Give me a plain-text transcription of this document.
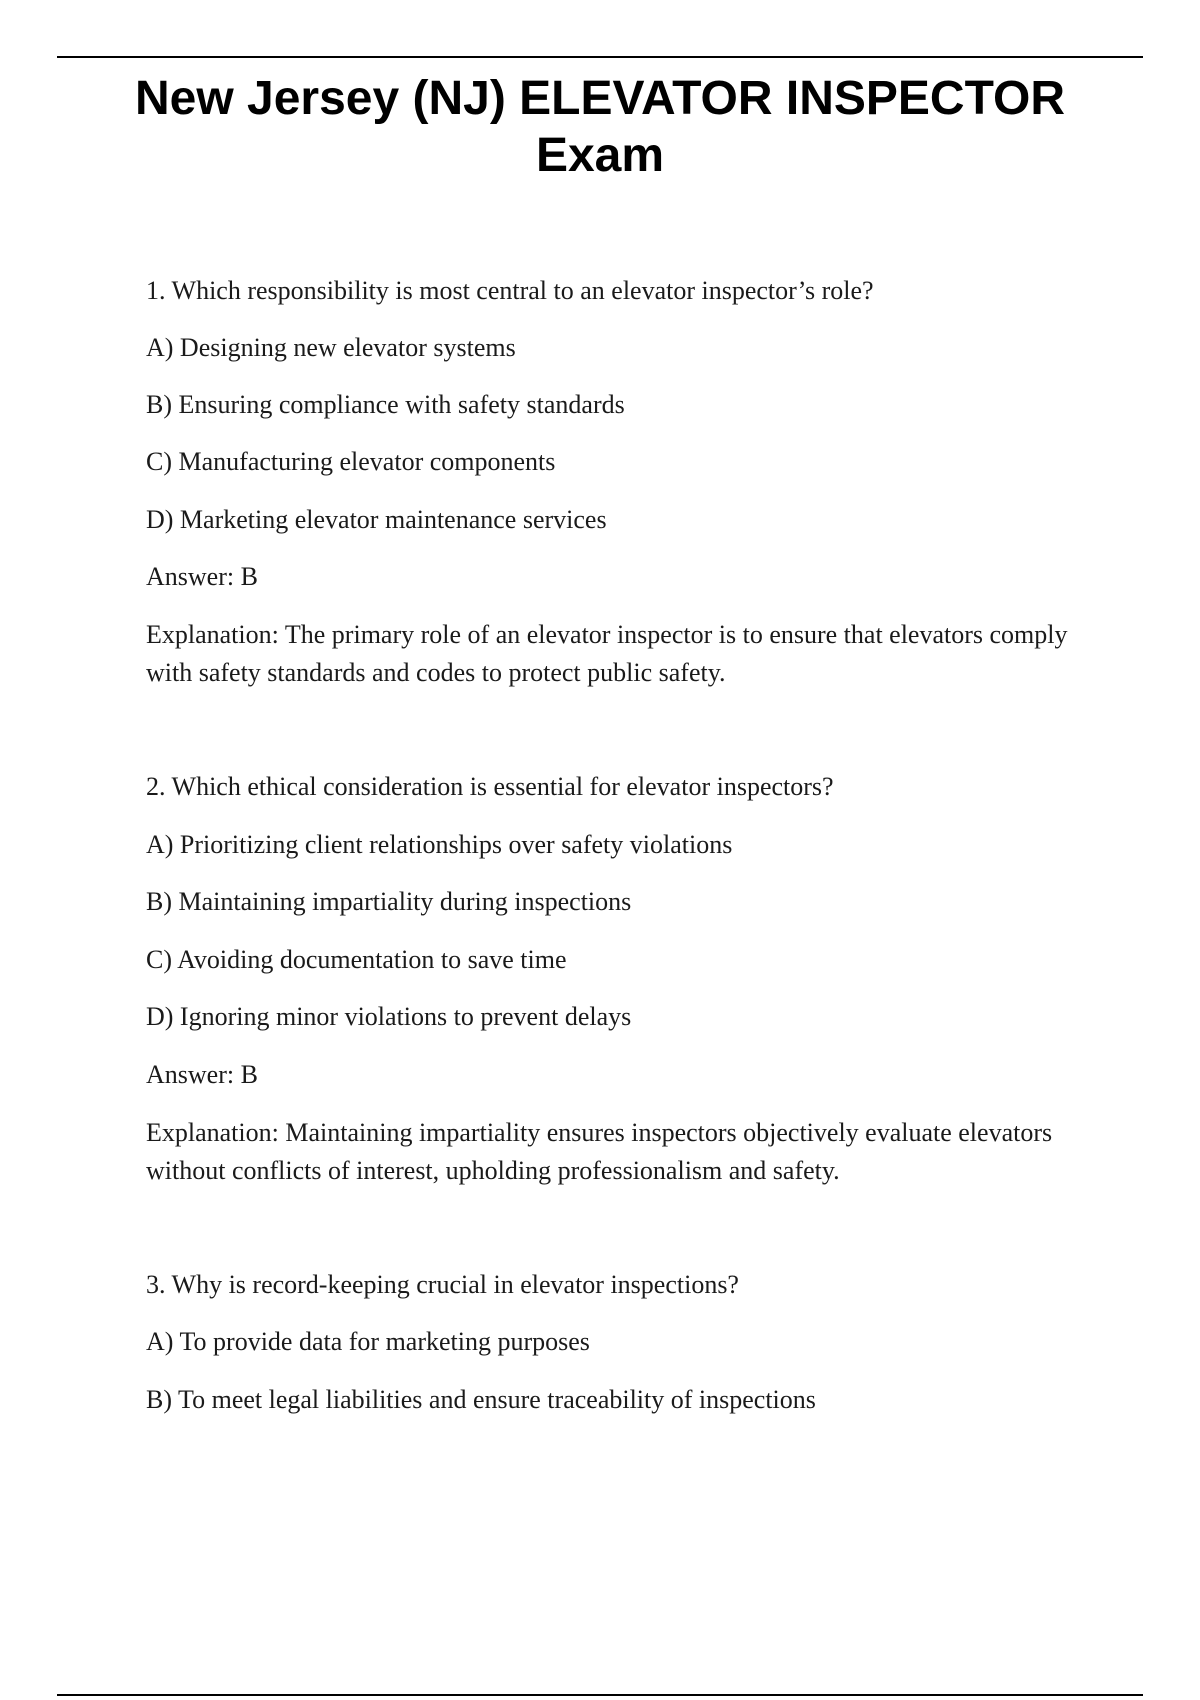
New Jersey (NJ) ELEVATOR INSPECTOR
Exam
1. Which responsibility is most central to an elevator inspector’s role?
A) Designing new elevator systems
B) Ensuring compliance with safety standards
C) Manufacturing elevator components
D) Marketing elevator maintenance services
Answer: B
Explanation: The primary role of an elevator inspector is to ensure that elevators comply with safety standards and codes to protect public safety.
2. Which ethical consideration is essential for elevator inspectors?
A) Prioritizing client relationships over safety violations
B) Maintaining impartiality during inspections
C) Avoiding documentation to save time
D) Ignoring minor violations to prevent delays
Answer: B
Explanation: Maintaining impartiality ensures inspectors objectively evaluate elevators without conflicts of interest, upholding professionalism and safety.
3. Why is record-keeping crucial in elevator inspections?
A) To provide data for marketing purposes
B) To meet legal liabilities and ensure traceability of inspections
